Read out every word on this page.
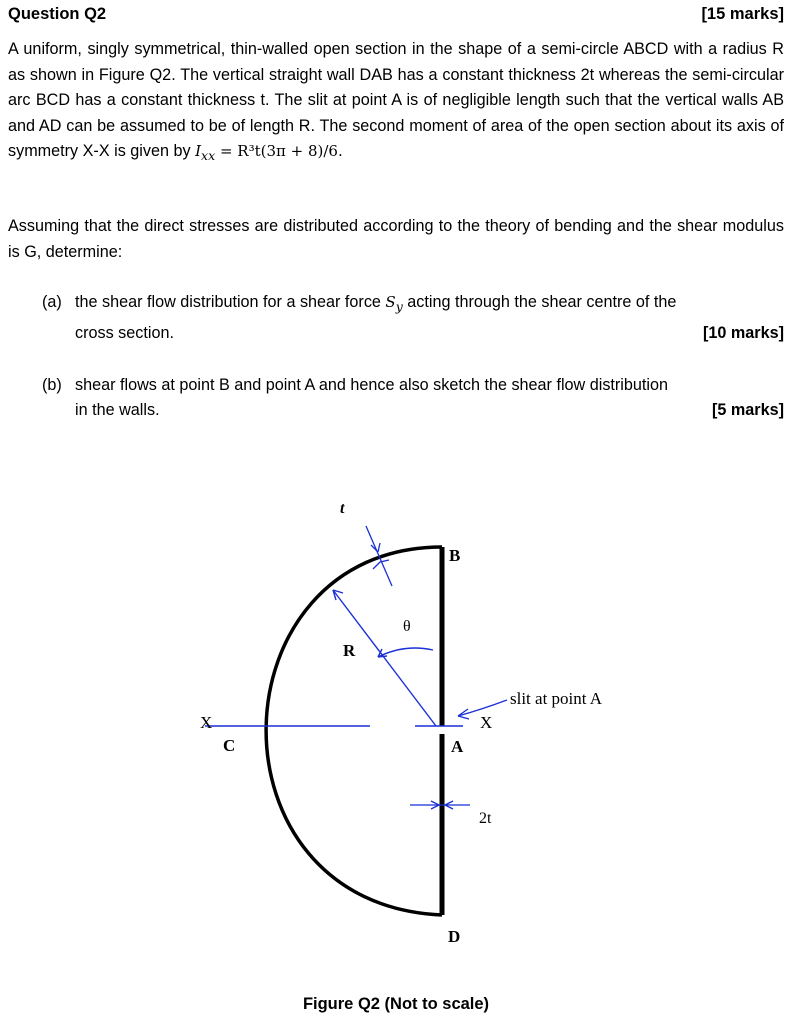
Question Q2	[15 marks]
A uniform, singly symmetrical, thin-walled open section in the shape of a semi-circle ABCD with a radius R as shown in Figure Q2. The vertical straight wall DAB has a constant thickness 2t whereas the semi-circular arc BCD has a constant thickness t. The slit at point A is of negligible length such that the vertical walls AB and AD can be assumed to be of length R. The second moment of area of the open section about its axis of symmetry X-X is given by $I_{xx} = R^3t(3\pi + 8)/6$.
Assuming that the direct stresses are distributed according to the theory of bending and the shear modulus is G, determine:
(a) the shear flow distribution for a shear force $S_y$ acting through the shear centre of the
cross section.	[10 marks]
(b) shear flows at point B and point A and hence also sketch the shear flow distribution
in the walls.	[5 marks]
t
B
θ
R
slit at point A
X	X
C	A
2t
D
Figure Q2 (Not to scale)
